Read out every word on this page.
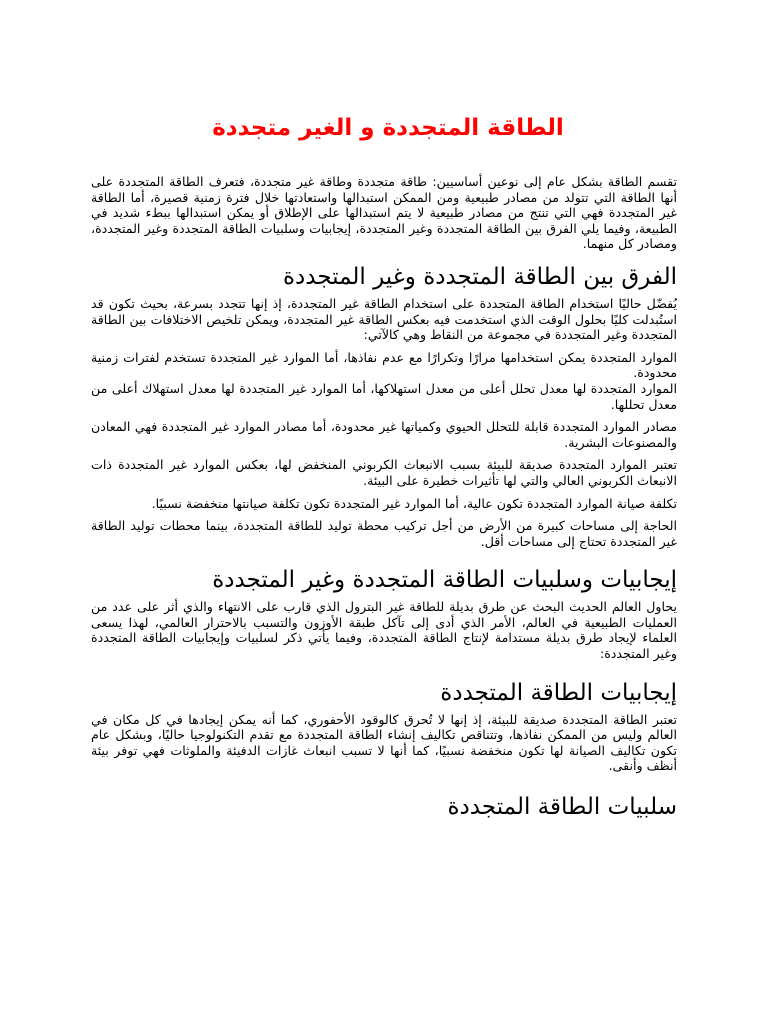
الطاقة المتجددة و الغير متجددة

تقسم الطاقة بشكل عام إلى نوعين أساسيين: طاقة متجددة وطاقة غير متجددة، فتعرف الطاقة المتجددة على أنها الطاقة التي تتولد من مصادر طبيعية ومن الممكن استبدالها واستعادتها خلال فترة زمنية قصيرة، أما الطاقة غير المتجددة فهي التي تنتج من مصادر طبيعية لا يتم استبدالها على الإطلاق أو يمكن استبدالها ببطء شديد في الطبيعة، وفيما يلي الفرق بين الطاقة المتجددة وغير المتجددة، إيجابيات وسلبيات الطاقة المتجددة وغير المتجددة، ومصادر كل منهما.

الفرق بين الطاقة المتجددة وغير المتجددة

يُفضّل حاليًا استخدام الطاقة المتجددة على استخدام الطاقة غير المتجددة، إذ إنها تتجدد بسرعة، بحيث تكون قد استُبدلت كليًا بحلول الوقت الذي استخدمت فيه بعكس الطاقة غير المتجددة، ويمكن تلخيص الاختلافات بين الطاقة المتجددة وغير المتجددة في مجموعة من النقاط وهي كالآتي:

الموارد المتجددة يمكن استخدامها مرارًا وتكرارًا مع عدم نفاذها، أما الموارد غير المتجددة تستخدم لفترات زمنية محدودة.
الموارد المتجددة لها معدل تحلل أعلى من معدل استهلاكها، أما الموارد غير المتجددة لها معدل استهلاك أعلى من معدل تحللها.

مصادر الموارد المتجددة قابلة للتحلل الحيوي وكمياتها غير محدودة، أما مصادر الموارد غير المتجددة فهي المعادن والمصنوعات البشرية.

تعتبر الموارد المتجددة صديقة للبيئة بسبب الانبعاث الكربوني المنخفض لها، بعكس الموارد غير المتجددة ذات الانبعاث الكربوني العالي والتي لها تأثيرات خطيرة على البيئة.

تكلفة صيانة الموارد المتجددة تكون عالية، أما الموارد غير المتجددة تكون تكلفة صيانتها منخفضة نسبيًا.

الحاجة إلى مساحات كبيرة من الأرض من أجل تركيب محطة توليد للطاقة المتجددة، بينما محطات توليد الطاقة غير المتجددة تحتاج إلى مساحات أقل.

إيجابيات وسلبيات الطاقة المتجددة وغير المتجددة

يحاول العالم الحديث البحث عن طرق بديلة للطاقة غير البترول الذي قارب على الانتهاء والذي أثر على عدد من العمليات الطبيعية في العالم، الأمر الذي أدى إلى تآكل طبقة الأوزون والتسبب بالاحترار العالمي، لهذا يسعى العلماء لإيجاد طرق بديلة مستدامة لإنتاج الطاقة المتجددة، وفيما يأتي ذكر لسلبيات وإيجابيات الطاقة المتجددة وغير المتجددة:

إيجابيات الطاقة المتجددة

تعتبر الطاقة المتجددة صديقة للبيئة، إذ إنها لا تُحرق كالوقود الأحفوري، كما أنه يمكن إيجادها في كل مكان في العالم وليس من الممكن نفاذها، وتتناقص تكاليف إنشاء الطاقة المتجددة مع تقدم التكنولوجيا حاليًا، وبشكل عام تكون تكاليف الصيانة لها تكون منخفضة نسبيًا، كما أنها لا تسبب انبعاث غازات الدفيئة والملوثات فهي توفر بيئة أنظف وأنقى.

سلبيات الطاقة المتجددة
